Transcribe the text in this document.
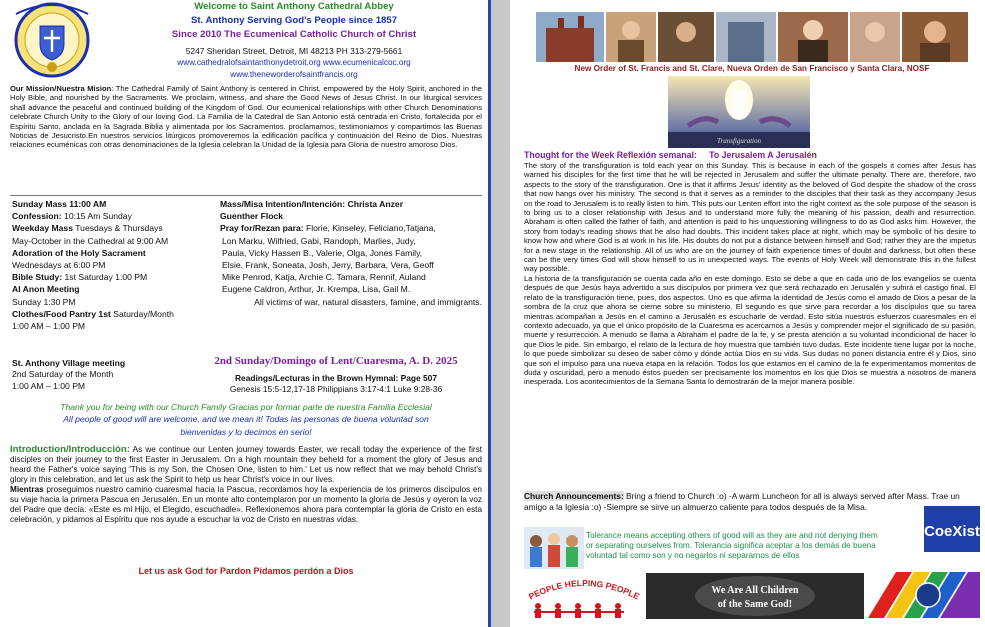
Welcome to Saint Anthony Cathedral Abbey
St. Anthony Serving God's People since 1857
Since 2010 The Ecumenical Catholic Church of Christ
5247 Sheridan Street, Detroit, MI 48213 PH 313-279-5661
www.cathedralofsaintanthonydetroit.org www.ecumenicalcoc.org
www.theneworderofsaintfrancis.org
Our Mission/Nuestra Mision: The Cathedral Family of Saint Anthony is centered in Christ, empowered by the Holy Spirit, anchored in the Holy Bible, and nourished by the Sacraments. We proclaim, witness, and share the Good News of Jesus Christ. In our liturgical services shall advance the peaceful and continued building of the Kingdom of God. Our ecumenical relationships with other Church Denominations celebrate Church Unity to the Glory of our loving God. La Familia de la Catedral de San Antonio está centrada en Cristo, fortalecida por el Espíritu Santo, anclada en la Sagrada Biblia y alimentada por los Sacramentos. proclamamos, testimoniamos y compartimos las Buenas Noticias de Jesucristo.En nuestros servicios litúrgicos promoveremos la edificación pacífica y continuación del Reino de Dios. Nuestras relaciones ecuménicas con otras denominaciones de la Iglesia celebran la Unidad de la Iglesia para Gloria de nuestro amoroso Dios.
Sunday Mass 11:00 AM
Confession: 10:15 Am Sunday
Weekday Mass Tuesdays & Thursdays
May-October in the Cathedral at 9:00 AM
Adoration of the Holy Sacrament
Wednesdays at 6:00 PM
Bible Study: 1st Saturday 1:00 PM
Al Anon Meeting
Sunday 1:30 PM
Clothes/Food Pantry 1st Saturday/Month
1:00 AM – 1:00 PM
Mass/Misa Intention/Intención: Christa Anzer
Guenther Flock
Pray for/Rezan para: Florie, Kinseley, Feliciano,Tatjana,
Lon Marku, Wilfried, Gabi, Randoph, Marlies, Judy,
Paula, Vicky Hassen B., Valerie, Olga, Jones Family,
Elsie, Frank, Soneata, Josh, Jerry, Barbara, Vera, Geoff
Mike Penrod, Katja, Archie C. Tamara, Rennif, Auland
Eugene Caldron, Arthur, Jr. Krempa, Lisa, Gail M.
All victims of war, natural disasters, famine, and immigrants.
St. Anthony Village meeting
2nd Saturday of the Month
1:00 AM – 1:00 PM
2nd Sunday/Domingo of Lent/Cuaresma, A. D. 2025
Readings/Lecturas in the Brown Hymnal: Page 507
Genesis 15:5-12,17-18 Philippians 3:17-4:1 Luke 9:28-36
Thank you for being with our Church Family Gracias por formar parte de nuestra Familia Ecclesial
All people of good will are welcome, and we mean it! Todas las personas de buena voluntad son
bienvenidas y lo decimos en serio!
Introduction/Introducción: As we continue our Lenten journey towards Easter, we recall today the experience of the first disciples on their journey to the first Easter in Jerusalem. On a high mountain they beheld for a moment the glory of Jesus and heard the Father's voice saying 'This is my Son, the Chosen One, listen to him.' Let us now reflect that we may behold Christ's glory in this celebration, and let us ask the Spirit to help us hear Christ's voice in our lives.
Mientras proseguimos nuestro camino cuaresmal hacia la Pascua, recordamos hoy la experiencia de los primeros discípulos en su viaje hacia la primera Pascua en Jerusalén. En un monte alto contemplaron por un momento la gloria de Jesús y oyeron la voz del Padre que decía: «Este es mi Hijo, el Elegido, escuchadle». Reflexionemos ahora para contemplar la gloria de Cristo en esta celebración, y pidamos al Espíritu que nos ayude a escuchar la voz de Cristo en nuestras vidas.
Let us ask God for Pardon Pidamos perdón a Dios
New Order of St. Francis and St. Clare, Nueva Orden de San Francisco y Santa Clara, NOSF
Transfiguration
Thought for the Week Reflexión semanal: To Jerusalem A Jerusalén
The story of the transfiguration is told each year on this Sunday. This is because in each of the gospels it comes after Jesus has warned his disciples for the first time that he will be rejected in Jerusalem and suffer the ultimate penalty. There are, therefore, two aspects to the story of the transfiguration. One is that it affirms Jesus' identity as the beloved of God despite the shadow of the cross that now hangs over his ministry. The second is that it serves as a reminder to the disciples that their task as they accompany Jesus on the road to Jerusalem is to really listen to him. This puts our Lenten effort into the right context as the sole purpose of the season is to bring us to a closer relationship with Jesus and to understand more fully the meaning of his passion, death and resurrection. Abraham is often called the father of faith, and attention is paid to his unquestioning willingness to do as God asks him. However, the story from today's reading shows that he also had doubts. This incident takes place at night, which may be symbolic of his desire to know how and where God is at work in his life. His doubts do not put a distance between himself and God; rather they are the impetus for a new stage in the relationship. All of us who are on the journey of faith experience times of doubt and darkness, but often these can be the very times God will show himself to us in unexpected ways. The events of Holy Week will demonstrate this in the fullest way possible.
La historia de la transfiguración se cuenta cada año en este domingo. Esto se debe a que en cada uno de los evangelios se cuenta después de que Jesús haya advertido a sus discípulos por primera vez que será rechazado en Jerusalén y sufrirá el castigo final. El relato de la transfiguración tiene, pues, dos aspectos. Uno es que afirma la identidad de Jesús como el amado de Dios a pesar de la sombra de la cruz que ahora se cierne sobre su ministerio. El segundo es que sirve para recordar a los discípulos que su tarea mientras acompañan a Jesús en el camino a Jerusalén es escucharle de verdad. Esto sitúa nuestros esfuerzos cuaresmales en el contexto adecuado, ya que el único propósito de la Cuaresma es acercarnos a Jesús y comprender mejor el significado de su pasión, muerte y resurrección. A menudo se llama a Abraham el padre de la fe, y se presta atención a su voluntad incondicional de hacer lo que Dios le pide. Sin embargo, el relato de la lectura de hoy muestra que también tuvo dudas. Este incidente tiene lugar por la noche, lo que puede simbolizar su deseo de saber cómo y dónde actúa Dios en su vida. Sus dudas no ponen distancia entre él y Dios, sino que son el impulso para una nueva etapa en la relación. Todos los que estamos en el camino de la fe experimentamos momentos de duda y oscuridad, pero a menudo éstos pueden ser precisamente los momentos en los que Dios se muestra a nosotros de manera inesperada. Los acontecimientos de la Semana Santa lo demostrarán de la mejor manera posible.
Church Announcements: Bring a friend to Church :o) -A warm Luncheon for all is always served after Mass. Trae un amigo a la Iglesia :o) -Siempre se sirve un almuerzo caliente para todos después de la Misa.
Tolerance means accepting others of good will as they are and not denying them or separating ourselves from. Tolerancia significa aceptar a los demás de buena voluntad tal como son y no negarlos ni separarnos de ellos
CoeXist
PEOPLE HELPING PEOPLE	We Are All Children
of the Same God!
